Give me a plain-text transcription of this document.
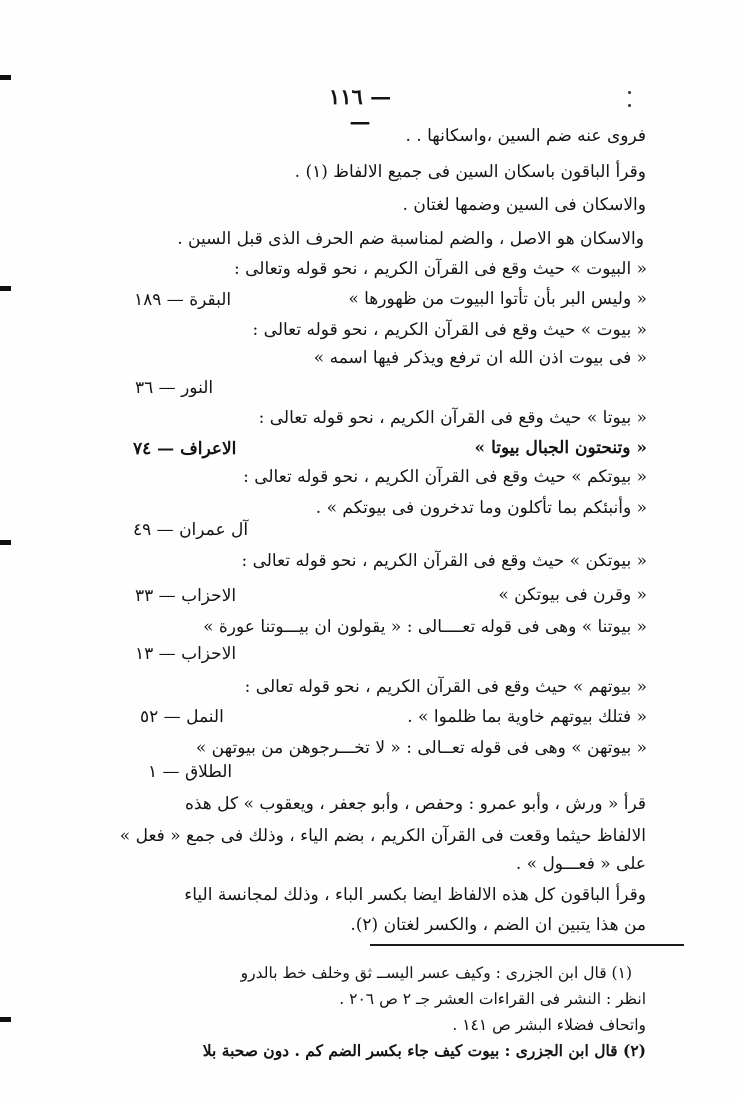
— ١١٦ —
فروى عنه ضم السين ،واسكانها . .
وقرأ الباقون باسكان السين فى جميع الالفاظ (١) .
والاسكان فى السين وضمها لغتان .
والاسكان هو الاصل ، والضم لمناسبة ضم الحرف الذى قبل السين .
« البيوت » حيث وقع فى القرآن الكريم ، نحو قوله وتعالى :
« وليس البر بأن تأتوا البيوت من ظهورها »
« بيوت » حيث وقع فى القرآن الكريم ، نحو قوله تعالى :
« فى بيوت اذن الله ان ترفع ويذكر فيها اسمه »
« بيوتا » حيث وقع فى القرآن الكريم ، نحو قوله تعالى :
« وتنحتون الجبال بيوتا »
« بيوتكم » حيث وقع فى القرآن الكريم ، نحو قوله تعالى :
« وأنبئكم بما تأكلون وما تدخرون فى بيوتكم » .
« بيوتكن » حيث وقع فى القرآن الكريم ، نحو قوله تعالى :
« وقرن فى بيوتكن »
« بيوتنا » وهى فى قوله تعــــالى : « يقولون ان بيـــوتنا عورة »
« بيوتهم » حيث وقع فى القرآن الكريم ، نحو قوله تعالى :
« فتلك بيوتهم خاوية بما ظلموا » .
« بيوتهن » وهى فى قوله تعــالى : « لا تخـــرجوهن من بيوتهن »
قرأ « ورش ، وأبو عمرو : وحفص ، وأبو جعفر ، ويعقوب » كل هذه
الالفاظ حيثما وقعت فى القرآن الكريم ، بضم الياء ، وذلك فى جمع « فعل »
على « فعـــول » .
وقرأ الباقون كل هذه الالفاظ ايضا بكسر الباء ، وذلك لمجانسة الياء
من هذا يتبين ان الضم ، والكسر لغتان (٢).
البقرة — ١٨٩
النور — ٣٦
الاعراف — ٧٤
آل عمران — ٤٩
الاحزاب — ٣٣
الاحزاب — ١٣
النمل — ٥٢
الطلاق — ١
(١) قال ابن الجزرى : وكيف عسر اليســ ثق وخلف خط بالدرو
انظر : النشر فى القراءات العشر جـ ٢ ص ٢٠٦ .
واتحاف فضلاء البشر ص ١٤١ .
(٢) قال ابن الجزرى : بيوت كيف جاء بكسر الضم كم . دون صحبة بلا
